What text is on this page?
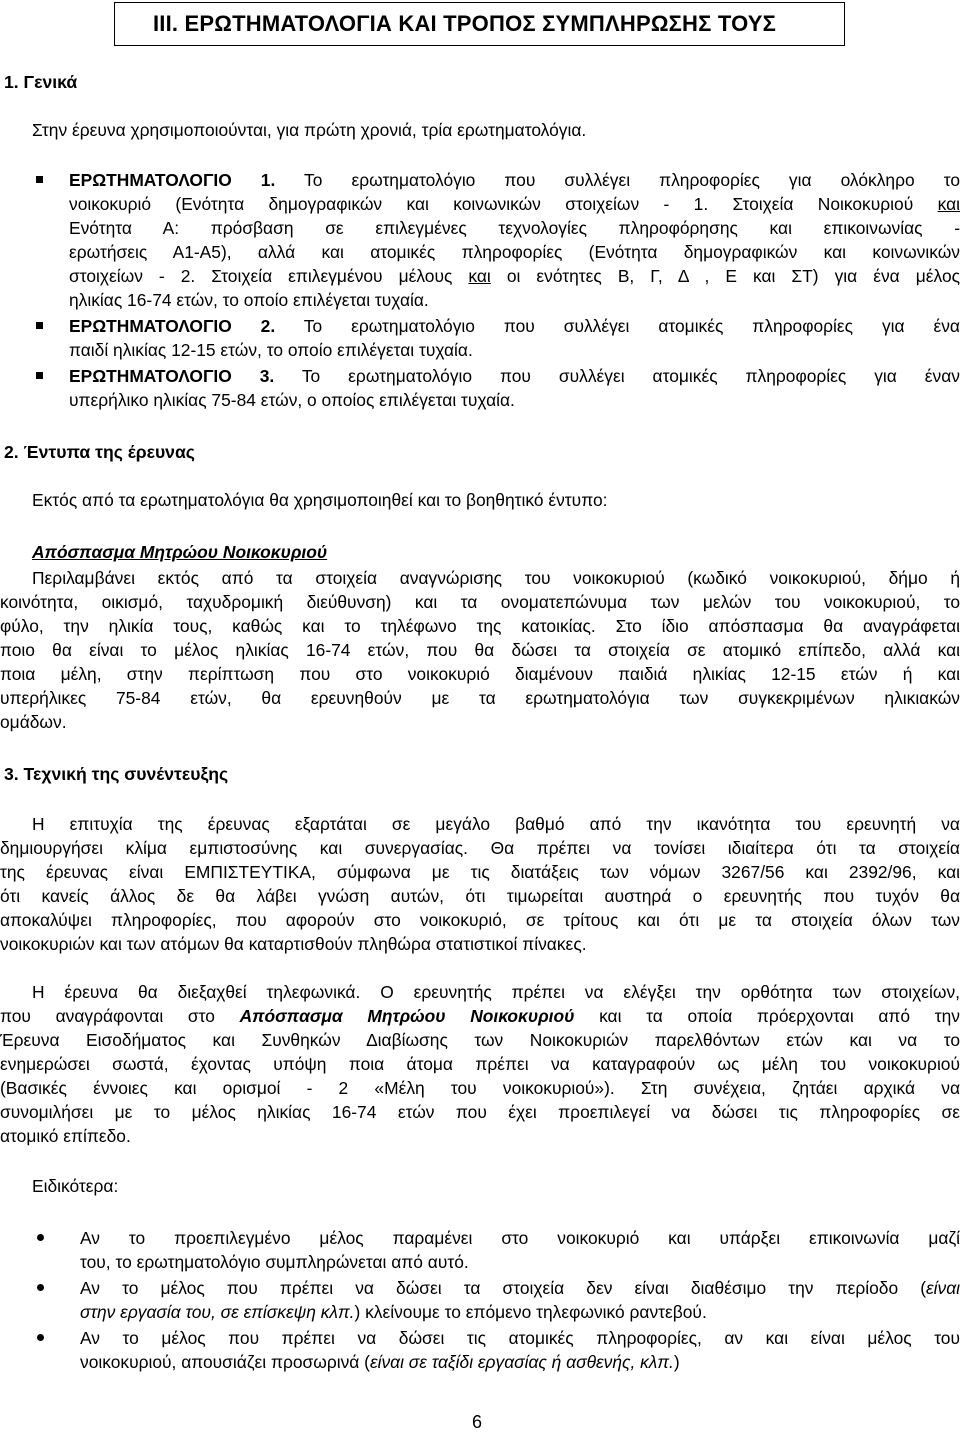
III. ΕΡΩΤΗΜΑΤΟΛΟΓΙΑ ΚΑΙ ΤΡΟΠΟΣ ΣΥΜΠΛΗΡΩΣΗΣ ΤΟΥΣ
1. Γενικά
Στην έρευνα χρησιμοποιούνται, για πρώτη χρονιά, τρία ερωτηματολόγια.
ΕΡΩΤΗΜΑΤΟΛΟΓΙΟ 1. Το ερωτηματολόγιο που συλλέγει πληροφορίες για ολόκληρο το
νοικοκυριό (Ενότητα δημογραφικών και κοινωνικών στοιχείων - 1. Στοιχεία Νοικοκυριού και
Ενότητα Α: πρόσβαση σε επιλεγμένες τεχνολογίες πληροφόρησης και επικοινωνίας -
ερωτήσεις Α1-Α5), αλλά και ατομικές πληροφορίες (Ενότητα δημογραφικών και κοινωνικών
στοιχείων - 2. Στοιχεία επιλεγμένου μέλους και οι ενότητες Β, Γ, Δ , Ε και ΣΤ) για ένα μέλος
ηλικίας 16-74 ετών, το οποίο επιλέγεται τυχαία.
ΕΡΩΤΗΜΑΤΟΛΟΓΙΟ 2. Το ερωτηματολόγιο που συλλέγει ατομικές πληροφορίες για ένα
παιδί ηλικίας 12-15 ετών, το οποίο επιλέγεται τυχαία.
ΕΡΩΤΗΜΑΤΟΛΟΓΙΟ 3. Το ερωτηματολόγιο που συλλέγει ατομικές πληροφορίες για έναν
υπερήλικο ηλικίας 75-84 ετών, ο οποίος επιλέγεται τυχαία.
2. Έντυπα της έρευνας
Εκτός από τα ερωτηματολόγια θα χρησιμοποιηθεί και το βοηθητικό έντυπο:
Απόσπασμα Μητρώου Νοικοκυριού
Περιλαμβάνει εκτός από τα στοιχεία αναγνώρισης του νοικοκυριού (κωδικό νοικοκυριού, δήμο ή
κοινότητα, οικισμό, ταχυδρομική διεύθυνση) και τα ονοματεπώνυμα των μελών του νοικοκυριού, το
φύλο, την ηλικία τους, καθώς και το τηλέφωνο της κατοικίας. Στο ίδιο απόσπασμα θα αναγράφεται
ποιο θα είναι το μέλος ηλικίας 16-74 ετών, που θα δώσει τα στοιχεία σε ατομικό επίπεδο, αλλά και
ποια μέλη, στην περίπτωση που στο νοικοκυριό διαμένουν παιδιά ηλικίας 12-15 ετών ή και
υπερήλικες 75-84 ετών, θα ερευνηθούν με τα ερωτηματολόγια των συγκεκριμένων ηλικιακών
ομάδων.
3. Τεχνική της συνέντευξης
Η επιτυχία της έρευνας εξαρτάται σε μεγάλο βαθμό από την ικανότητα του ερευνητή να
δημιουργήσει κλίμα εμπιστοσύνης και συνεργασίας. Θα πρέπει να τονίσει ιδιαίτερα ότι τα στοιχεία
της έρευνας είναι ΕΜΠΙΣΤΕΥΤΙΚΑ, σύμφωνα με τις διατάξεις των νόμων 3267/56 και 2392/96, και
ότι κανείς άλλος δε θα λάβει γνώση αυτών, ότι τιμωρείται αυστηρά ο ερευνητής που τυχόν θα
αποκαλύψει πληροφορίες, που αφορούν στο νοικοκυριό, σε τρίτους και ότι με τα στοιχεία όλων των
νοικοκυριών και των ατόμων θα καταρτισθούν πληθώρα στατιστικοί πίνακες.
Η έρευνα θα διεξαχθεί τηλεφωνικά. Ο ερευνητής πρέπει να ελέγξει την ορθότητα των στοιχείων,
που αναγράφονται στο Απόσπασμα Μητρώου Νοικοκυριού και τα οποία πρόερχονται από την
Έρευνα Εισοδήματος και Συνθηκών Διαβίωσης των Νοικοκυριών παρελθόντων ετών και να το
ενημερώσει σωστά, έχοντας υπόψη ποια άτομα πρέπει να καταγραφούν ως μέλη του νοικοκυριού
(Βασικές έννοιες και ορισμοί - 2 «Μέλη του νοικοκυριού»). Στη συνέχεια, ζητάει αρχικά να
συνομιλήσει με το μέλος ηλικίας 16-74 ετών που έχει προεπιλεγεί να δώσει τις πληροφορίες σε
ατομικό επίπεδο.
Ειδικότερα:
Αν το προεπιλεγμένο μέλος παραμένει στο νοικοκυριό και υπάρξει επικοινωνία μαζί
του, το ερωτηματολόγιο συμπληρώνεται από αυτό.
Αν το μέλος που πρέπει να δώσει τα στοιχεία δεν είναι διαθέσιμο την περίοδο (είναι
στην εργασία του, σε επίσκεψη κλπ.) κλείνουμε το επόμενο τηλεφωνικό ραντεβού.
Αν το μέλος που πρέπει να δώσει τις ατομικές πληροφορίες, αν και είναι μέλος του
νοικοκυριού, απουσιάζει προσωρινά (είναι σε ταξίδι εργασίας ή ασθενής, κλπ.)
6
